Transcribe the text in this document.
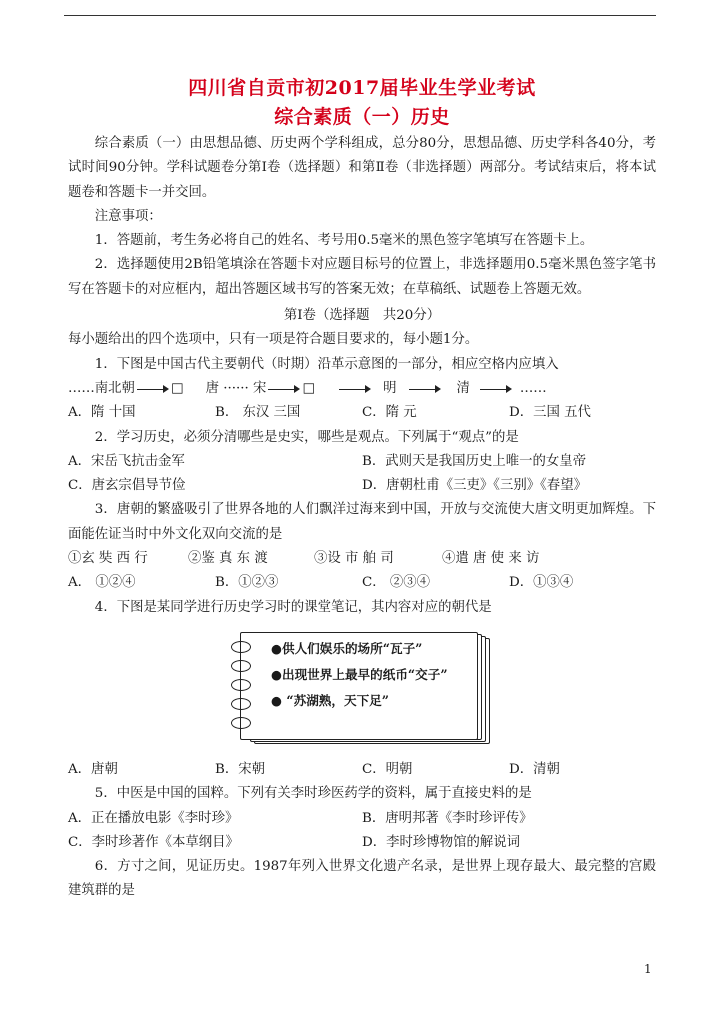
四川省自贡市初2017届毕业生学业考试
综合素质（一）历史
综合素质（一）由思想品德、历史两个学科组成，总分80分，思想品德、历史学科各40分，考试时间90分钟。学科试题卷分第Ⅰ卷（选择题）和第Ⅱ卷（非选择题）两部分。考试结束后，将本试题卷和答题卡一并交回。
注意事项：
1．答题前，考生务必将自己的姓名、考号用0.5毫米的黑色签字笔填写在答题卡上。
2．选择题使用2B铅笔填涂在答题卡对应题目标号的位置上，非选择题用0.5毫米黑色签字笔书写在答题卡的对应框内，超出答题区域书写的答案无效；在草稿纸、试题卷上答题无效。
第Ⅰ卷（选择题　共20分）
每小题给出的四个选项中，只有一项是符合题目要求的，每小题1分。
1．下图是中国古代主要朝代（时期）沿革示意图的一部分，相应空格内应填入
……南北朝	□ 唐 ······ 宋	□	明	清	……
A．隋 十国	B． 东汉 三国	C．隋 元	D．三国 五代
2．学习历史，必须分清哪些是史实，哪些是观点。下列属于“观点”的是
A．宋岳飞抗击金军	B．武则天是我国历史上唯一的女皇帝
C．唐玄宗倡导节俭	D．唐朝杜甫《三吏》《三别》《春望》
3．唐朝的繁盛吸引了世界各地的人们飘洋过海来到中国，开放与交流使大唐文明更加辉煌。下面能佐证当时中外文化双向交流的是
①玄 奘 西 行	②鉴 真 东 渡	③设 市 舶 司	④遣 唐 使 来 访
A． ①②④	B．①②③	C． ②③④	D．①③④
4．下图是某同学进行历史学习时的课堂笔记，其内容对应的朝代是
●供人们娱乐的场所“瓦子”
●出现世界上最早的纸币“交子”
● “苏湖熟，天下足”
A．唐朝	B．宋朝	C．明朝	D．清朝
5．中医是中国的国粹。下列有关李时珍医药学的资料，属于直接史料的是
A．正在播放电影《李时珍》	B．唐明邦著《李时珍评传》
C．李时珍著作《本草纲目》	D．李时珍博物馆的解说词
6．方寸之间，见证历史。1987年列入世界文化遗产名录，是世界上现存最大、最完整的宫殿建筑群的是
1
